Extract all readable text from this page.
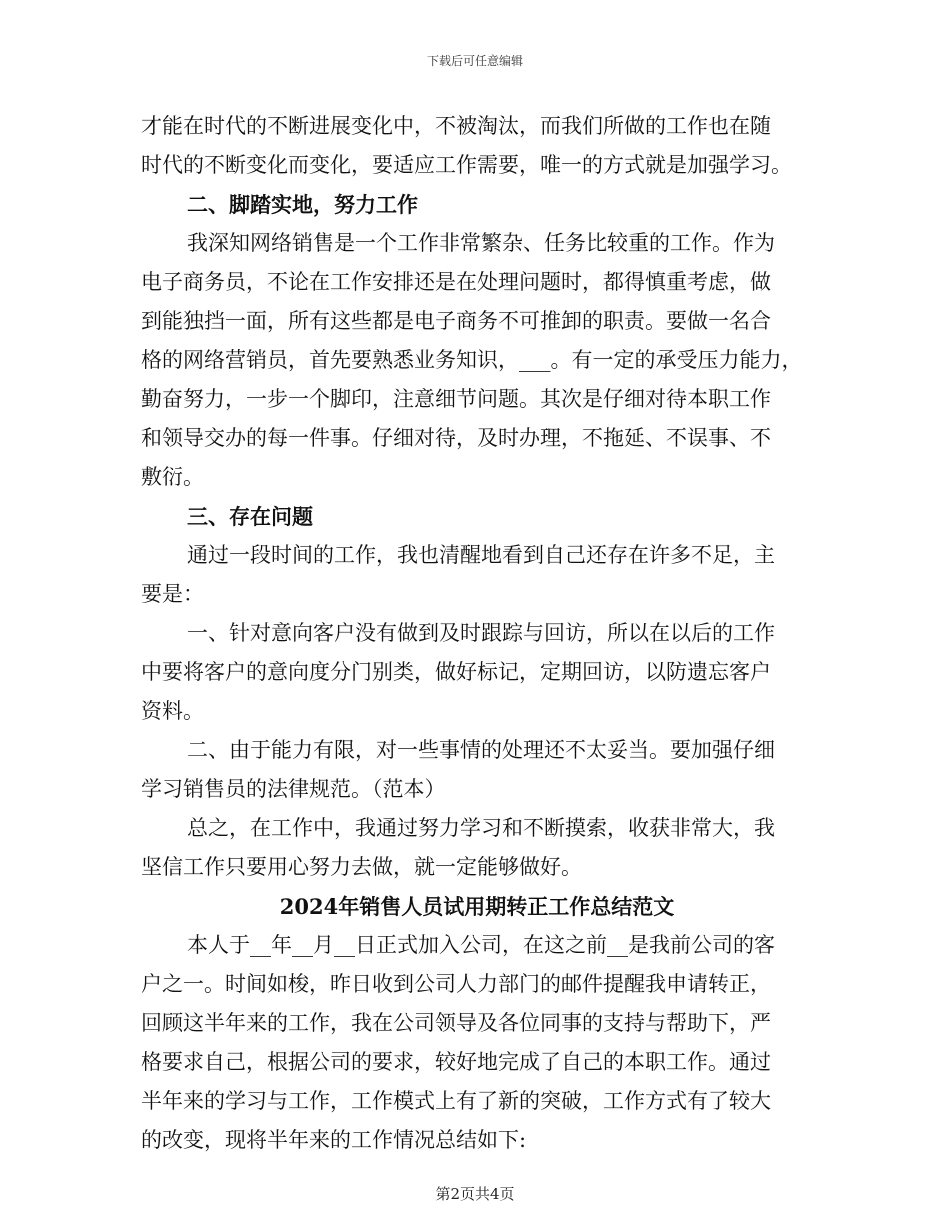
下载后可任意编辑
才能在时代的不断进展变化中，不被淘汰，而我们所做的工作也在随
时代的不断变化而变化，要适应工作需要，唯一的方式就是加强学习。
二、脚踏实地，努力工作
我深知网络销售是一个工作非常繁杂、任务比较重的工作。作为
电子商务员，不论在工作安排还是在处理问题时，都得慎重考虑，做
到能独挡一面，所有这些都是电子商务不可推卸的职责。要做一名合
格的网络营销员，首先要熟悉业务知识，___。有一定的承受压力能力，
勤奋努力，一步一个脚印，注意细节问题。其次是仔细对待本职工作
和领导交办的每一件事。仔细对待，及时办理，不拖延、不误事、不
敷衍。
三、存在问题
通过一段时间的工作，我也清醒地看到自己还存在许多不足，主
要是：
一、针对意向客户没有做到及时跟踪与回访，所以在以后的工作
中要将客户的意向度分门别类，做好标记，定期回访，以防遗忘客户
资料。
二、由于能力有限，对一些事情的处理还不太妥当。要加强仔细
学习销售员的法律规范。（范本）
总之，在工作中，我通过努力学习和不断摸索，收获非常大，我
坚信工作只要用心努力去做，就一定能够做好。
2024年销售人员试用期转正工作总结范文
本人于__年__月__日正式加入公司，在这之前__是我前公司的客
户之一。时间如梭，昨日收到公司人力部门的邮件提醒我申请转正，
回顾这半年来的工作，我在公司领导及各位同事的支持与帮助下，严
格要求自己，根据公司的要求，较好地完成了自己的本职工作。通过
半年来的学习与工作，工作模式上有了新的突破，工作方式有了较大
的改变，现将半年来的工作情况总结如下:
第2页共4页
